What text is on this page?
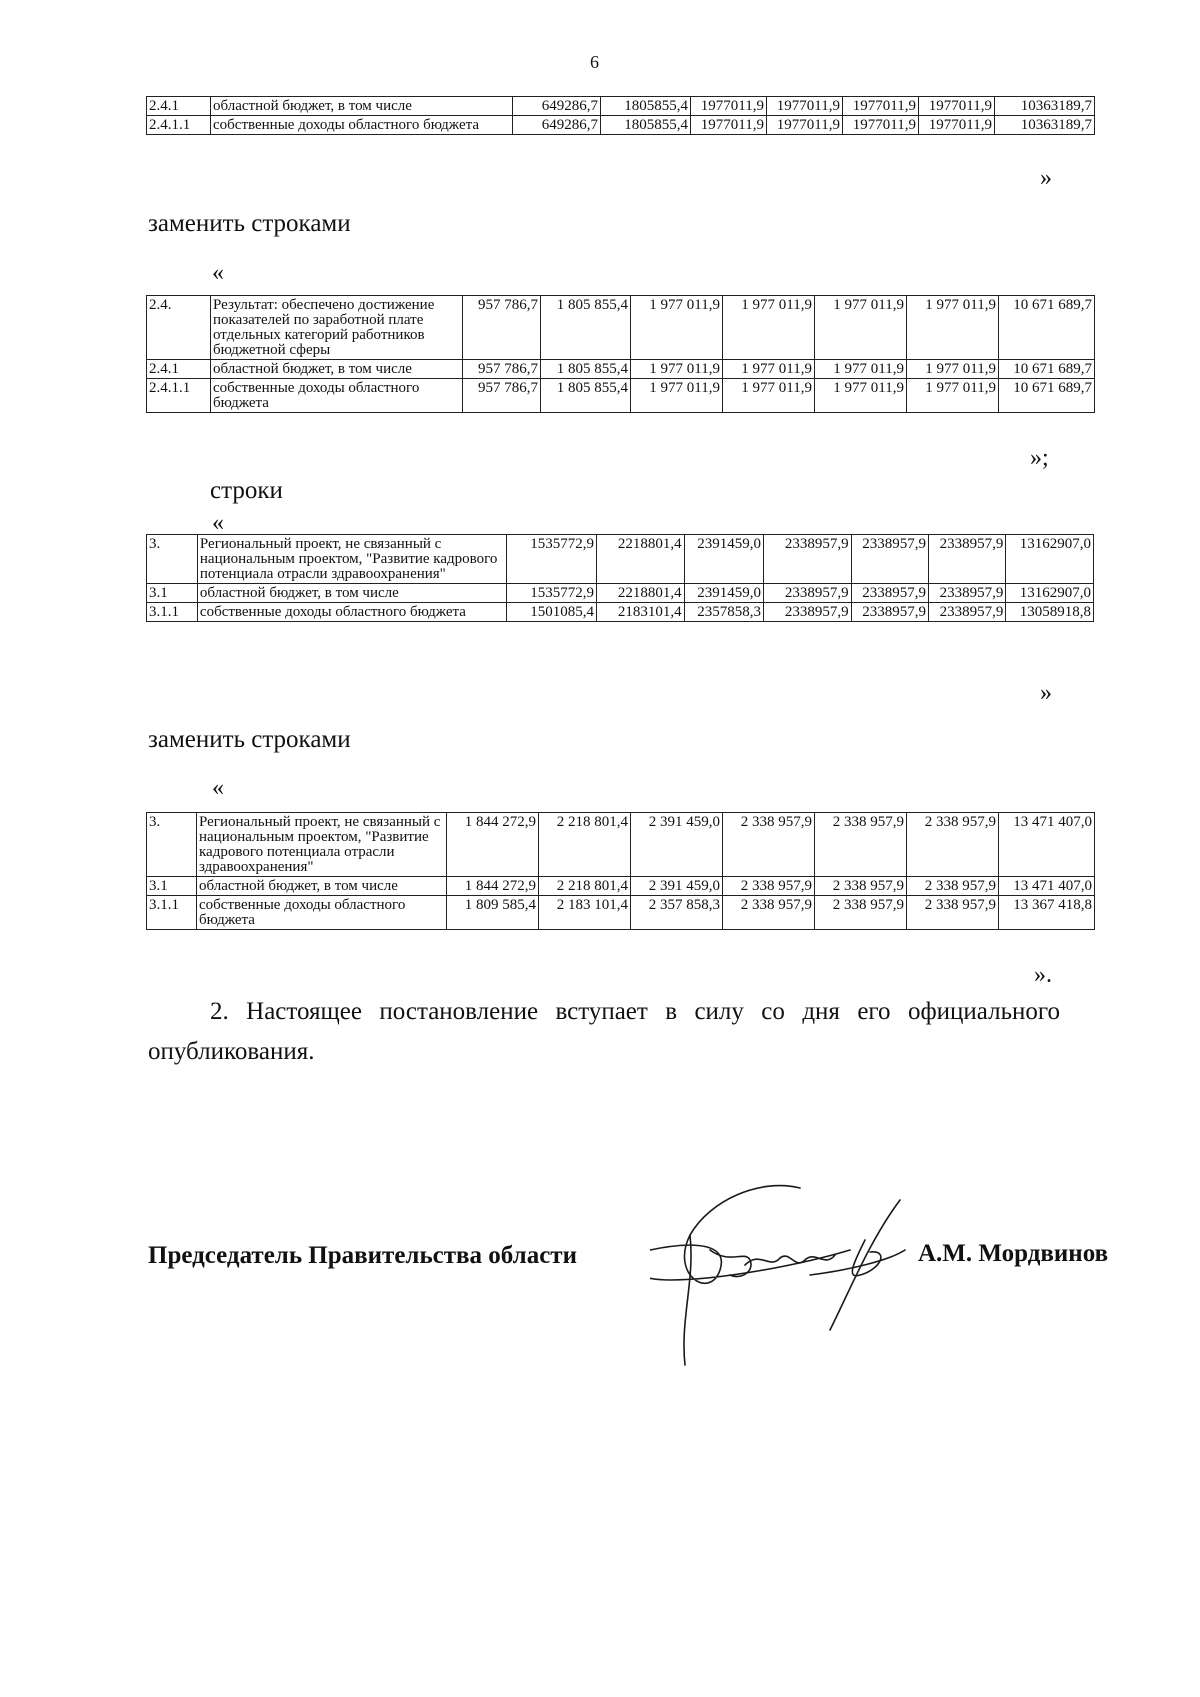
6
2.4.1	областной бюджет, в том числе	649286,7	1805855,4	1977011,9	1977011,9	1977011,9	1977011,9	10363189,7
2.4.1.1	собственные доходы областного бюджета	649286,7	1805855,4	1977011,9	1977011,9	1977011,9	1977011,9	10363189,7
»
заменить строками
«
2.4.	Результат: обеспечено достижение показателей по заработной плате отдельных категорий работников бюджетной сферы	957 786,7	1 805 855,4	1 977 011,9	1 977 011,9	1 977 011,9	1 977 011,9	10 671 689,7
2.4.1	областной бюджет, в том числе	957 786,7	1 805 855,4	1 977 011,9	1 977 011,9	1 977 011,9	1 977 011,9	10 671 689,7
2.4.1.1	собственные доходы областного бюджета	957 786,7	1 805 855,4	1 977 011,9	1 977 011,9	1 977 011,9	1 977 011,9	10 671 689,7
»;
строки
«
3.	Региональный проект, не связанный с национальным проектом, "Развитие кадрового потенциала отрасли здравоохранения"	1535772,9	2218801,4	2391459,0	2338957,9	2338957,9	2338957,9	13162907,0
3.1	областной бюджет, в том числе	1535772,9	2218801,4	2391459,0	2338957,9	2338957,9	2338957,9	13162907,0
3.1.1	собственные доходы областного бюджета	1501085,4	2183101,4	2357858,3	2338957,9	2338957,9	2338957,9	13058918,8
»
заменить строками
«
3.	Региональный проект, не связанный с национальным проектом, "Развитие кадрового потенциала отрасли здравоохранения"	1 844 272,9	2 218 801,4	2 391 459,0	2 338 957,9	2 338 957,9	2 338 957,9	13 471 407,0
3.1	областной бюджет, в том числе	1 844 272,9	2 218 801,4	2 391 459,0	2 338 957,9	2 338 957,9	2 338 957,9	13 471 407,0
3.1.1	собственные доходы областного бюджета	1 809 585,4	2 183 101,4	2 357 858,3	2 338 957,9	2 338 957,9	2 338 957,9	13 367 418,8
».
2. Настоящее постановление вступает в силу со дня его официального опубликования.
Председатель Правительства области	А.М. Мордвинов
